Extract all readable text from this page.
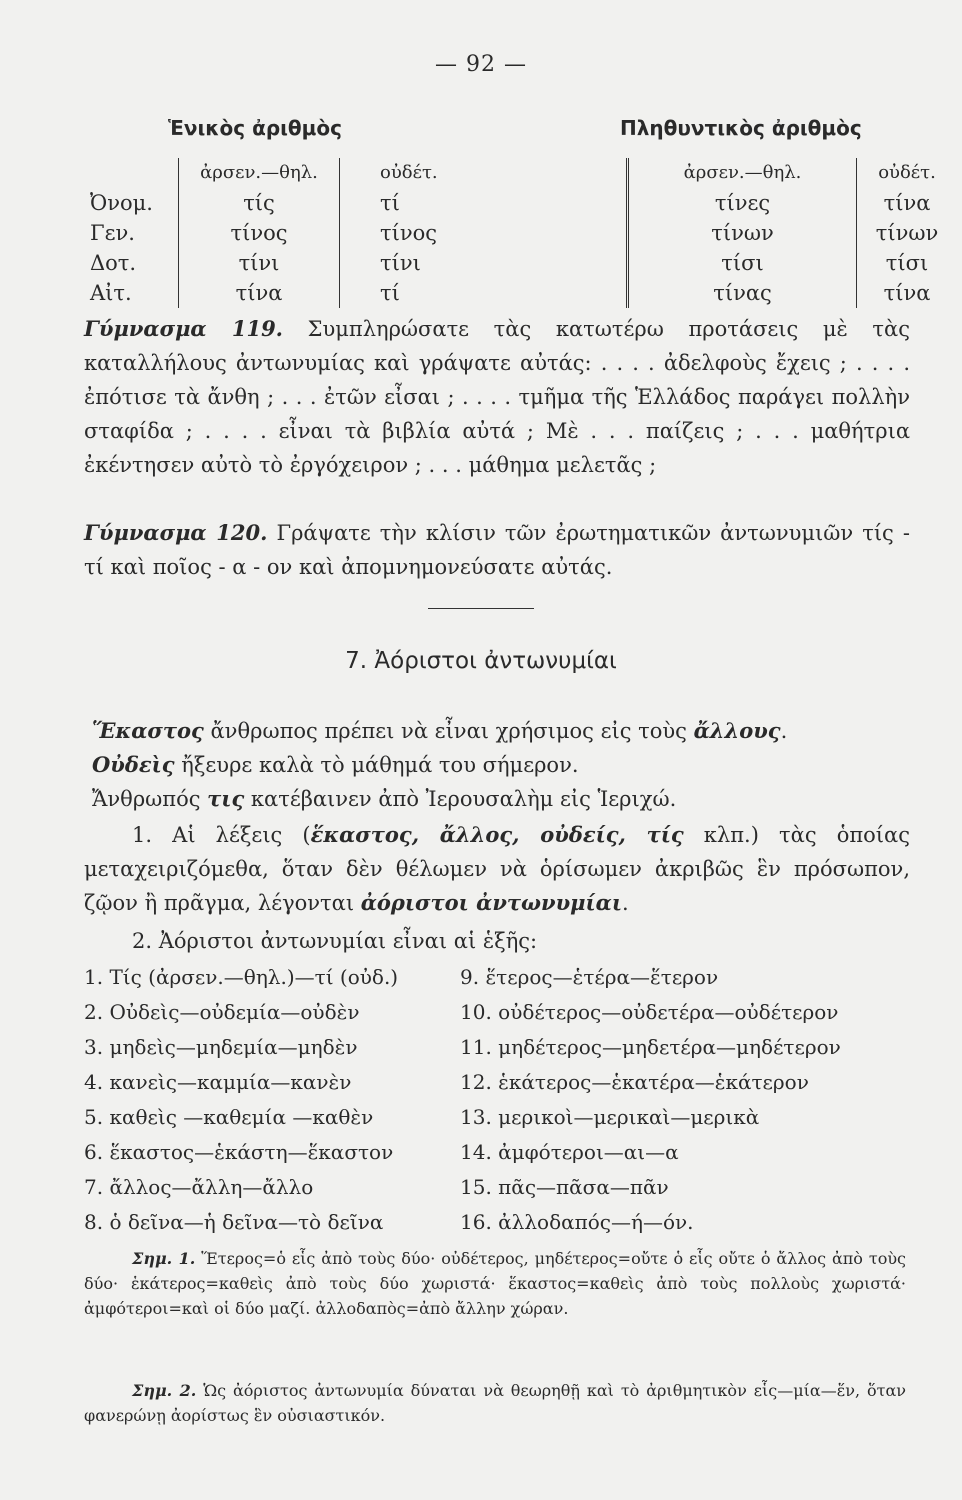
— 92 —
Ἑνικὸς ἀριθμὸς	Πληθυντικὸς ἀριθμὸς
	ἀρσεν.—θηλ.	οὐδέτ.		ἀρσεν.—θηλ.	οὐδέτ.
Ὀνομ.	τίς	τί		τίνες	τίνα
Γεν.	τίνος	τίνος		τίνων	τίνων
Δοτ.	τίνι	τίνι		τίσι	τίσι
Αἰτ.	τίνα	τί		τίνας	τίνα
Γύμνασμα 119. Συμπληρώσατε τὰς κατωτέρω προτάσεις μὲ τὰς καταλλήλους ἀντωνυμίας καὶ γράψατε αὐτάς: . . . . ἀδελφοὺς ἔχεις ; . . . . ἐπότισε τὰ ἄνθη ; . . . ἐτῶν εἶσαι ; . . . . τμῆμα τῆς Ἑλλάδος παράγει πολλὴν σταφίδα ; . . . . εἶναι τὰ βιβλία αὐτά ; Μὲ . . . παίζεις ; . . . μαθήτρια ἐκέντησεν αὐτὸ τὸ ἐργόχειρον ; . . . μάθημα μελετᾶς ;
Γύμνασμα 120. Γράψατε τὴν κλίσιν τῶν ἐρωτηματικῶν ἀντωνυμιῶν τίς - τί καὶ ποῖος - α - ον καὶ ἀπομνημονεύσατε αὐτάς.
7. Ἀόριστοι ἀντωνυμίαι
Ἕκαστος ἄνθρωπος πρέπει νὰ εἶναι χρήσιμος εἰς τοὺς ἄλλους.
Οὐδεὶς ἤξευρε καλὰ τὸ μάθημά του σήμερον.
Ἄνθρωπός τις κατέβαινεν ἀπὸ Ἰερουσαλὴμ εἰς Ἱεριχώ.
1. Αἱ λέξεις (ἕκαστος, ἄλλος, οὐδείς, τίς κλπ.) τὰς ὁποίας μεταχειριζόμεθα, ὅταν δὲν θέλωμεν νὰ ὁρίσωμεν ἀκριβῶς ἓν πρόσωπον, ζῷον ἢ πρᾶγμα, λέγονται ἀόριστοι ἀντωνυμίαι.
2. Ἀόριστοι ἀντωνυμίαι εἶναι αἱ ἑξῆς:
1. Τίς (ἀρσεν.—θηλ.)—τί (οὐδ.)	9. ἕτερος—ἑτέρα—ἕτερον
2. Οὐδεὶς—οὐδεμία—οὐδὲν	10. οὐδέτερος—οὐδετέρα—οὐδέτερον
3. μηδεὶς—μηδεμία—μηδὲν	11. μηδέτερος—μηδετέρα—μηδέτερον
4. κανεὶς—καμμία—κανὲν	12. ἑκάτερος—ἑκατέρα—ἑκάτερον
5. καθεὶς —καθεμία —καθὲν	13. μερικοὶ—μερικαὶ—μερικὰ
6. ἕκαστος—ἑκάστη—ἕκαστον	14. ἀμφότεροι—αι—α
7. ἄλλος—ἄλλη—ἄλλο	15. πᾶς—πᾶσα—πᾶν
8. ὁ δεῖνα—ἡ δεῖνα—τὸ δεῖνα	16. ἀλλοδαπός—ή—όν.
Σημ. 1. Ἕτερος=ὁ εἷς ἀπὸ τοὺς δύο· οὐδέτερος, μηδέτερος=οὔτε ὁ εἷς οὔτε ὁ ἄλλος ἀπὸ τοὺς δύο· ἑκάτερος=καθεὶς ἀπὸ τοὺς δύο χωριστά· ἕκαστος=καθεὶς ἀπὸ τοὺς πολλοὺς χωριστά· ἀμφότεροι=καὶ οἱ δύο μαζί. ἀλλοδαπὸς=ἀπὸ ἄλλην χώραν.
Σημ. 2. Ὡς ἀόριστος ἀντωνυμία δύναται νὰ θεωρηθῇ καὶ τὸ ἀριθμητικὸν εἷς—μία—ἕν, ὅταν φανερώνῃ ἀορίστως ἓν οὐσιαστικόν.
